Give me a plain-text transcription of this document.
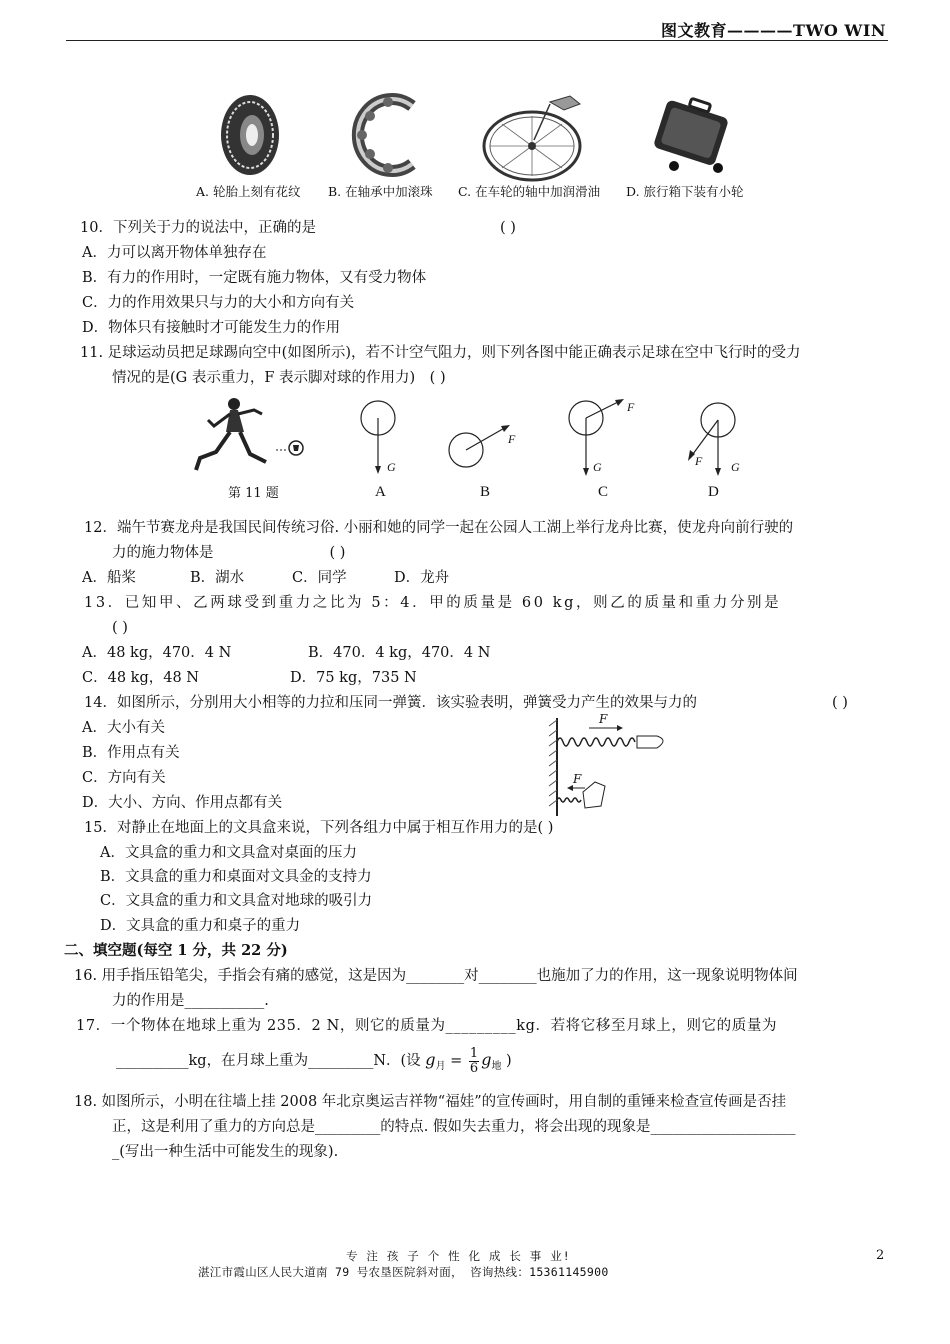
图文教育————TWO WIN
A. 轮胎上刻有花纹 B. 在轴承中加滚珠 C. 在车轮的轴中加润滑油 D. 旅行箱下装有小轮
10．下列关于力的说法中，正确的是	( )
A．力可以离开物体单独存在
B．有力的作用时，一定既有施力物体，又有受力物体
C．力的作用效果只与力的大小和方向有关
D．物体只有接触时才可能发生力的作用
11. 足球运动员把足球踢向空中(如图所示)，若不计空气阻力，则下列各图中能正确表示足球在空中飞行时的受力
情况的是(G 表示重力，F 表示脚对球的作用力)　( )
第 11 题
G
A
F
B
F
G
C
F G
D
12．端午节赛龙舟是我国民间传统习俗. 小丽和她的同学一起在公园人工湖上举行龙舟比赛，使龙舟向前行驶的
力的施力物体是　　　　　　　　( )
A．船桨	B．湖水	C．同学	D．龙舟
13．已知甲、乙两球受到重力之比为 5：4．甲的质量是 60 kg，则乙的质量和重力分别是
( )
A．48 kg，470．4 N	B．470．4 kg，470．4 N
C．48 kg，48 N	D．75 kg，735 N
14．如图所示，分别用大小相等的力拉和压同一弹簧．该实验表明，弹簧受力产生的效果与力的	( )
A．大小有关
B．作用点有关
C．方向有关
D．大小、方向、作用点都有关
F
F
15．对静止在地面上的文具盒来说，下列各组力中属于相互作用力的是( )
A．文具盒的重力和文具盒对桌面的压力
B．文具盒的重力和桌面对文具金的支持力
C．文具盒的重力和文具盒对地球的吸引力
D．文具盒的重力和桌子的重力
二、填空题(每空 1 分，共 22 分)
16. 用手指压铅笔尖，手指会有痛的感觉，这是因为________对________也施加了力的作用，这一现象说明物体间
力的作用是___________.
17．一个物体在地球上重为 235．2 N，则它的质量为_________kg．若将它移至月球上，则它的质量为
__________kg，在月球上重为_________N．(设 $g_月 = \frac{1}{6} g_地$ )
18. 如图所示，小明在往墙上挂 2008 年北京奥运吉祥物“福娃”的宣传画时，用自制的重锤来检查宣传画是否挂
正，这是利用了重力的方向总是_________的特点. 假如失去重力，将会出现的现象是____________________
_(写出一种生活中可能发生的现象).
专 注 孩 子 个 性 化 成 长 事 业!
湛江市霞山区人民大道南 79 号农垦医院斜对面， 咨询热线：15361145900
2
